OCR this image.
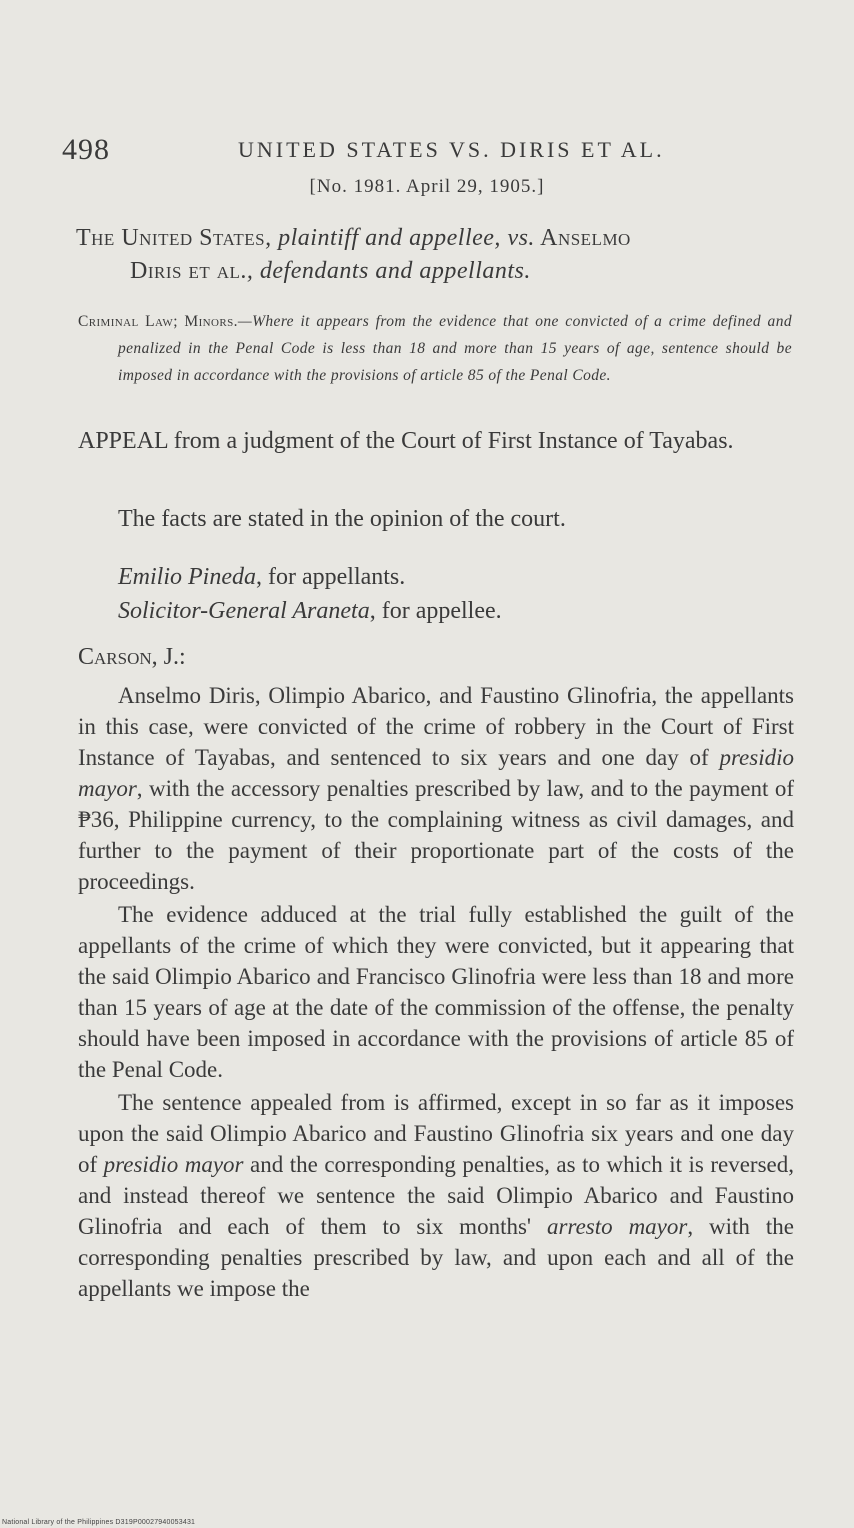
498	UNITED STATES VS. DIRIS ET AL.
[No. 1981. April 29, 1905.]
The United States, plaintiff and appellee, vs. Anselmo
Diris et al., defendants and appellants.

Criminal Law; Minors.—Where it appears from the evidence that one convicted of a crime defined and penalized in the Penal Code is less than 18 and more than 15 years of age, sentence should be imposed in accordance with the provisions of article 85 of the Penal Code.

APPEAL from a judgment of the Court of First Instance of Tayabas.

The facts are stated in the opinion of the court.
Emilio Pineda, for appellants.
Solicitor-General Araneta, for appellee.
Carson, J.:

Anselmo Diris, Olimpio Abarico, and Faustino Glinofria, the appellants in this case, were convicted of the crime of robbery in the Court of First Instance of Tayabas, and sentenced to six years and one day of presidio mayor, with the accessory penalties prescribed by law, and to the payment of ₱36, Philippine currency, to the complaining witness as civil damages, and further to the payment of their proportionate part of the costs of the proceedings.

The evidence adduced at the trial fully established the guilt of the appellants of the crime of which they were convicted, but it appearing that the said Olimpio Abarico and Francisco Glinofria were less than 18 and more than 15 years of age at the date of the commission of the offense, the penalty should have been imposed in accordance with the provisions of article 85 of the Penal Code.

The sentence appealed from is affirmed, except in so far as it imposes upon the said Olimpio Abarico and Faustino Glinofria six years and one day of presidio mayor and the corresponding penalties, as to which it is reversed, and instead thereof we sentence the said Olimpio Abarico and Faustino Glinofria and each of them to six months' arresto mayor, with the corresponding penalties prescribed by law, and upon each and all of the appellants we impose the

National Library of the Philippines D319P00027940053431
